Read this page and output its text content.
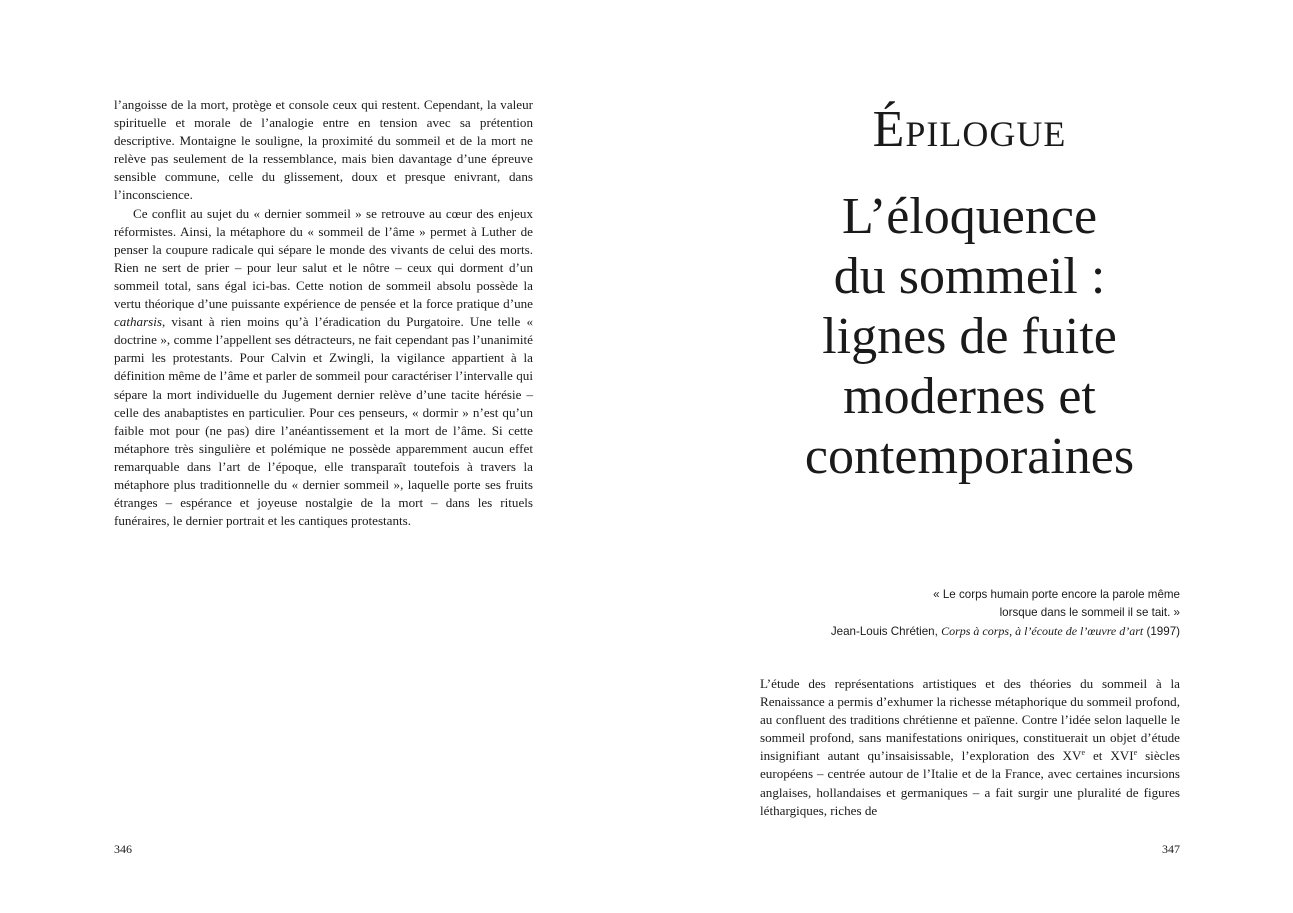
l’angoisse de la mort, protège et console ceux qui restent. Cependant, la valeur spirituelle et morale de l’analogie entre en tension avec sa prétention descriptive. Montaigne le souligne, la proximité du sommeil et de la mort ne relève pas seulement de la ressemblance, mais bien davantage d’une épreuve sensible commune, celle du glissement, doux et presque enivrant, dans l’inconscience.

Ce conflit au sujet du « dernier sommeil » se retrouve au cœur des enjeux réformistes. Ainsi, la métaphore du « sommeil de l’âme » permet à Luther de penser la coupure radicale qui sépare le monde des vivants de celui des morts. Rien ne sert de prier – pour leur salut et le nôtre – ceux qui dorment d’un sommeil total, sans égal ici-bas. Cette notion de sommeil absolu possède la vertu théorique d’une puissante expérience de pensée et la force pratique d’une catharsis, visant à rien moins qu’à l’éradication du Purgatoire. Une telle « doctrine », comme l’appellent ses détracteurs, ne fait cependant pas l’unanimité parmi les protestants. Pour Calvin et Zwingli, la vigilance appartient à la définition même de l’âme et parler de sommeil pour caractériser l’intervalle qui sépare la mort individuelle du Jugement dernier relève d’une tacite hérésie – celle des anabaptistes en particulier. Pour ces penseurs, « dormir » n’est qu’un faible mot pour (ne pas) dire l’anéantissement et la mort de l’âme. Si cette métaphore très singulière et polémique ne possède apparemment aucun effet remarquable dans l’art de l’époque, elle transparaît toutefois à travers la métaphore plus traditionnelle du « dernier sommeil », laquelle porte ses fruits étranges – espérance et joyeuse nostalgie de la mort – dans les rituels funéraires, le dernier portrait et les cantiques protestants.

346
Épilogue
L’éloquence
du sommeil :
lignes de fuite
modernes et
contemporaines
« Le corps humain porte encore la parole même
lorsque dans le sommeil il se tait. »
Jean-Louis Chrétien, Corps à corps, à l’écoute de l’œuvre d’art (1997)

L’étude des représentations artistiques et des théories du sommeil à la Renaissance a permis d’exhumer la richesse métaphorique du sommeil profond, au confluent des traditions chrétienne et païenne. Contre l’idée selon laquelle le sommeil profond, sans manifestations oniriques, constituerait un objet d’étude insignifiant autant qu’insaisissable, l’exploration des XVe et XVIe siècles européens – centrée autour de l’Italie et de la France, avec certaines incursions anglaises, hollandaises et germaniques – a fait surgir une pluralité de figures léthargiques, riches de

347
